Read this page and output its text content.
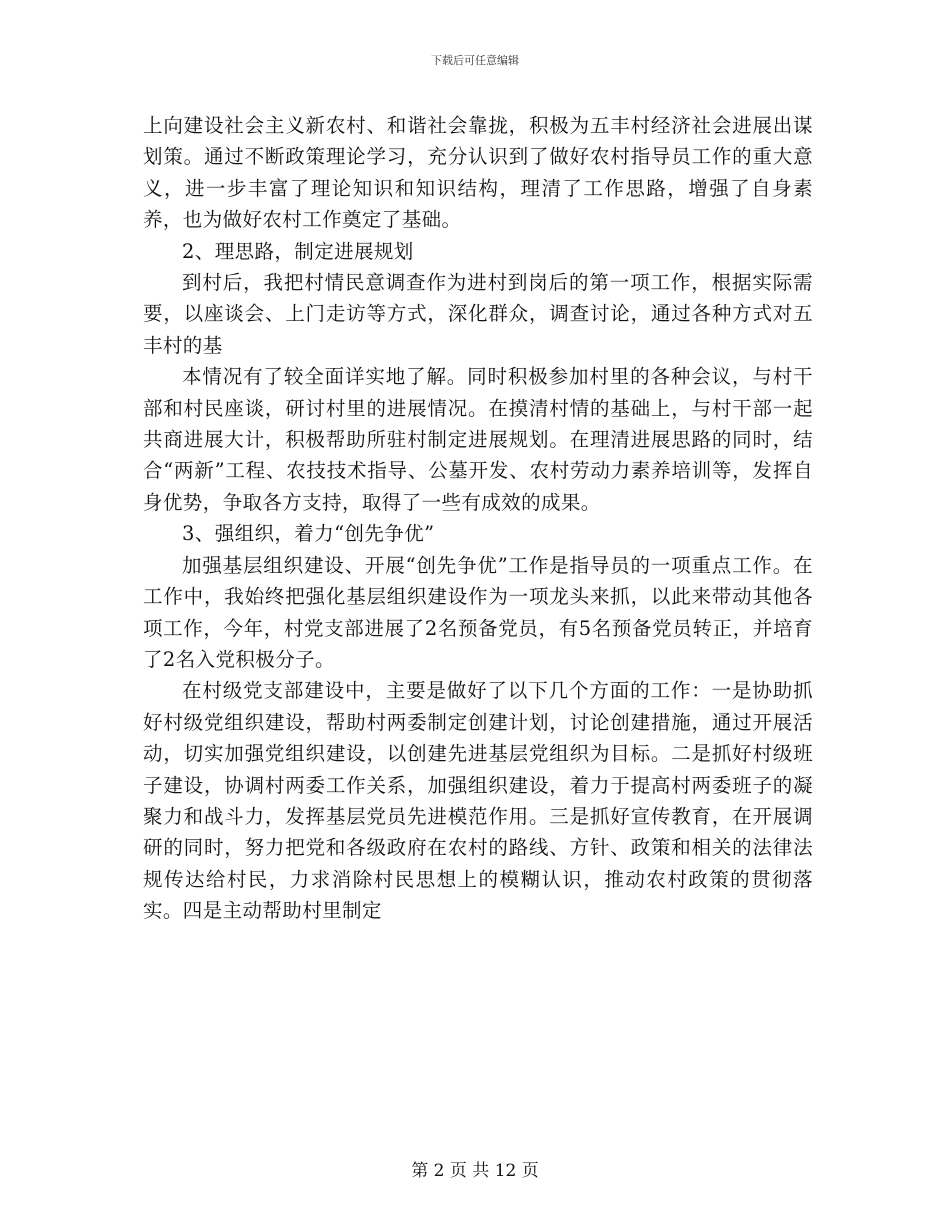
下载后可任意编辑

上向建设社会主义新农村、和谐社会靠拢，积极为五丰村经济社会进展出谋划策。通过不断政策理论学习，充分认识到了做好农村指导员工作的重大意义，进一步丰富了理论知识和知识结构，理清了工作思路，增强了自身素养，也为做好农村工作奠定了基础。

2、理思路，制定进展规划

到村后，我把村情民意调查作为进村到岗后的第一项工作，根据实际需要，以座谈会、上门走访等方式，深化群众，调查讨论，通过各种方式对五丰村的基

本情况有了较全面详实地了解。同时积极参加村里的各种会议，与村干部和村民座谈，研讨村里的进展情况。在摸清村情的基础上，与村干部一起共商进展大计，积极帮助所驻村制定进展规划。在理清进展思路的同时，结合“两新”工程、农技技术指导、公墓开发、农村劳动力素养培训等，发挥自身优势，争取各方支持，取得了一些有成效的成果。

3、强组织，着力“创先争优”

加强基层组织建设、开展“创先争优”工作是指导员的一项重点工作。在工作中，我始终把强化基层组织建设作为一项龙头来抓，以此来带动其他各项工作，今年，村党支部进展了2名预备党员，有5名预备党员转正，并培育了2名入党积极分子。

在村级党支部建设中，主要是做好了以下几个方面的工作：一是协助抓好村级党组织建设，帮助村两委制定创建计划，讨论创建措施，通过开展活动，切实加强党组织建设，以创建先进基层党组织为目标。二是抓好村级班子建设，协调村两委工作关系，加强组织建设，着力于提高村两委班子的凝聚力和战斗力，发挥基层党员先进模范作用。三是抓好宣传教育，在开展调研的同时，努力把党和各级政府在农村的路线、方针、政策和相关的法律法规传达给村民，力求消除村民思想上的模糊认识，推动农村政策的贯彻落实。四是主动帮助村里制定

第 2 页 共 12 页
